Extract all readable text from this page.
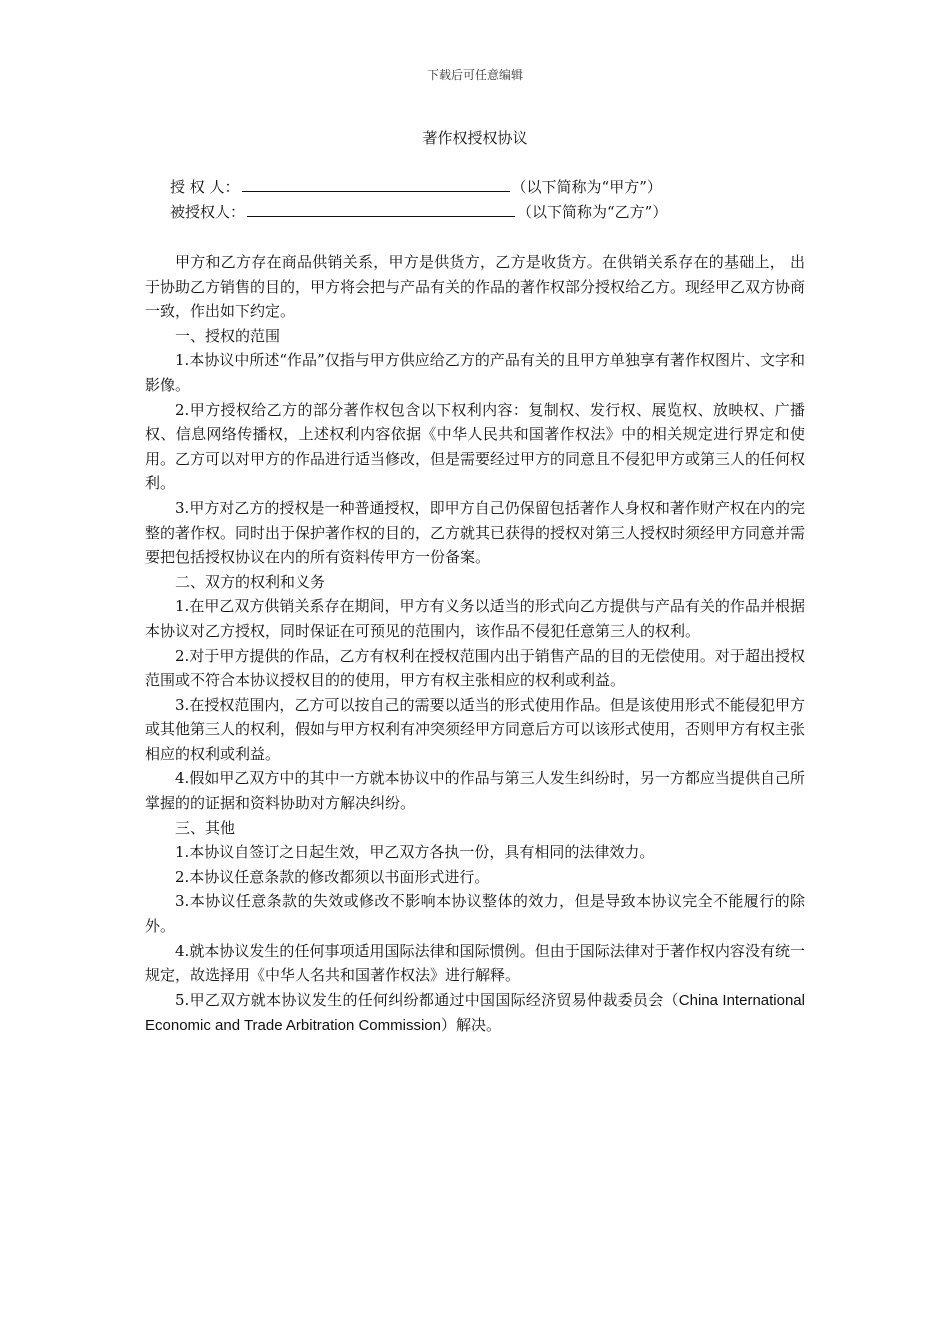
下载后可任意编辑
著作权授权协议
授 权 人：	（以下简称为“甲方”）
被授权人：	（以下简称为“乙方”）

甲方和乙方存在商品供销关系，甲方是供货方，乙方是收货方。在供销关系存在的基础上， 出于协助乙方销售的目的，甲方将会把与产品有关的作品的著作权部分授权给乙方。现经甲乙双方协商一致，作出如下约定。

一、授权的范围

1.本协议中所述“作品”仅指与甲方供应给乙方的产品有关的且甲方单独享有著作权图片、文字和影像。

2.甲方授权给乙方的部分著作权包含以下权利内容：复制权、发行权、展览权、放映权、广播权、信息网络传播权，上述权利内容依据《中华人民共和国著作权法》中的相关规定进行界定和使用。乙方可以对甲方的作品进行适当修改，但是需要经过甲方的同意且不侵犯甲方或第三人的任何权利。

3.甲方对乙方的授权是一种普通授权，即甲方自己仍保留包括著作人身权和著作财产权在内的完整的著作权。同时出于保护著作权的目的，乙方就其已获得的授权对第三人授权时须经甲方同意并需要把包括授权协议在内的所有资料传甲方一份备案。

二、双方的权利和义务

1.在甲乙双方供销关系存在期间，甲方有义务以适当的形式向乙方提供与产品有关的作品并根据本协议对乙方授权，同时保证在可预见的范围内，该作品不侵犯任意第三人的权利。

2.对于甲方提供的作品，乙方有权利在授权范围内出于销售产品的目的无偿使用。对于超出授权范围或不符合本协议授权目的的使用，甲方有权主张相应的权利或利益。

3.在授权范围内，乙方可以按自己的需要以适当的形式使用作品。但是该使用形式不能侵犯甲方或其他第三人的权利，假如与甲方权利有冲突须经甲方同意后方可以该形式使用，否则甲方有权主张相应的权利或利益。

4.假如甲乙双方中的其中一方就本协议中的作品与第三人发生纠纷时，另一方都应当提供自己所掌握的的证据和资料协助对方解决纠纷。

三、其他

1.本协议自签订之日起生效，甲乙双方各执一份，具有相同的法律效力。

2.本协议任意条款的修改都须以书面形式进行。

3.本协议任意条款的失效或修改不影响本协议整体的效力，但是导致本协议完全不能履行的除外。

4.就本协议发生的任何事项适用国际法律和国际惯例。但由于国际法律对于著作权内容没有统一规定，故选择用《中华人名共和国著作权法》进行解释。

5.甲乙双方就本协议发生的任何纠纷都通过中国国际经济贸易仲裁委员会（China International Economic and Trade Arbitration Commission）解决。
